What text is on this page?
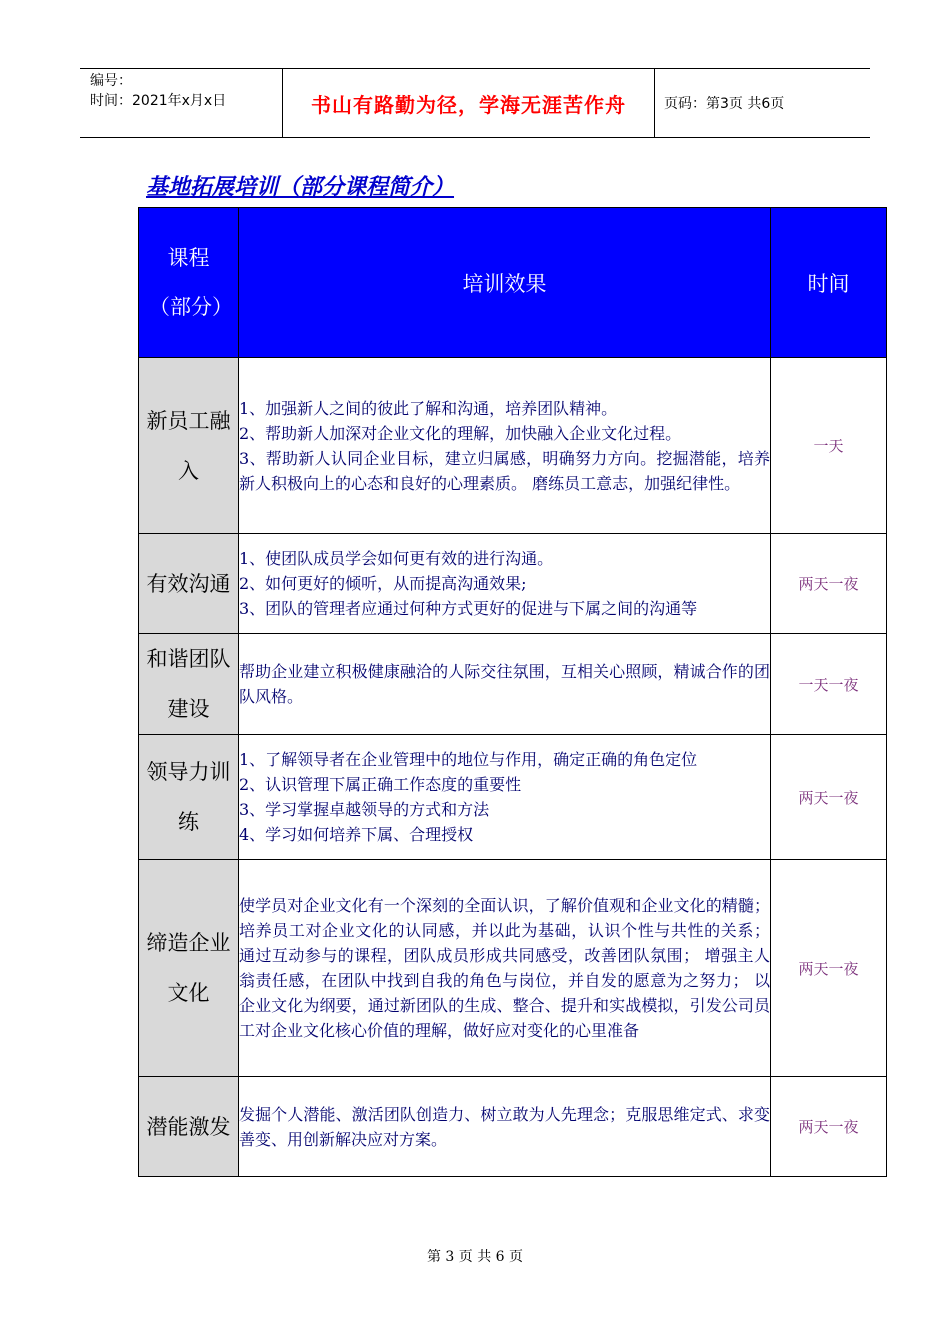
编号：
时间：2021年x月x日	书山有路勤为径，学海无涯苦作舟	页码：第3页 共6页
基地拓展培训（部分课程简介）
课程（部分）	培训效果	时间
新员工融入	1、加强新人之间的彼此了解和沟通，培养团队精神。
2、帮助新人加深对企业文化的理解，加快融入企业文化过程。
3、帮助新人认同企业目标，建立归属感，明确努力方向。挖掘潜能，培养新人积极向上的心态和良好的心理素质。 磨练员工意志，加强纪律性。	一天
有效沟通	1、使团队成员学会如何更有效的进行沟通。
2、如何更好的倾听，从而提高沟通效果;
3、团队的管理者应通过何种方式更好的促进与下属之间的沟通等	两天一夜
和谐团队建设	帮助企业建立积极健康融洽的人际交往氛围，互相关心照顾，精诚合作的团队风格。	一天一夜
领导力训练	1、了解领导者在企业管理中的地位与作用，确定正确的角色定位
2、认识管理下属正确工作态度的重要性
3、学习掌握卓越领导的方式和方法
4、学习如何培养下属、合理授权	两天一夜
缔造企业文化	使学员对企业文化有一个深刻的全面认识，了解价值观和企业文化的精髓； 培养员工对企业文化的认同感，并以此为基础，认识个性与共性的关系； 通过互动参与的课程，团队成员形成共同感受，改善团队氛围； 增强主人翁责任感，在团队中找到自我的角色与岗位，并自发的愿意为之努力； 以企业文化为纲要，通过新团队的生成、整合、提升和实战模拟，引发公司员工对企业文化核心价值的理解，做好应对变化的心里准备	两天一夜
潜能激发	发掘个人潜能、激活团队创造力、树立敢为人先理念；克服思维定式、求变善变、用创新解决应对方案。	两天一夜
第 3 页 共 6 页
